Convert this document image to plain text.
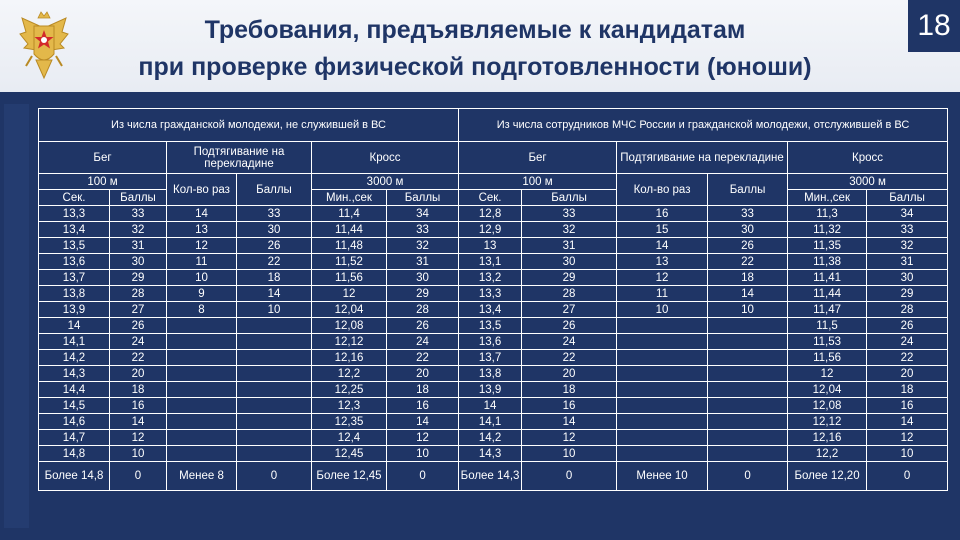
Требования, предъявляемые к кандидатам
при проверке физической подготовленности (юноши)
18
Из числа гражданской молодежи, не служившей в ВС						Из числа сотрудников МЧС России и гражданской молодежи, отслужившей в ВС					
Бег		Подтягивание на перекладине		Кросс		Бег		Подтягивание на перекладине		Кросс	
100 м		Кол-во раз	Баллы	3000 м		100 м		Кол-во раз	Баллы	3000 м	
Сек.	Баллы			Мин.,сек	Баллы	Сек.	Баллы			Мин.,сек	Баллы
13,3	33	14	33	11,4	34	12,8	33	16	33	11,3	34
13,4	32	13	30	11,44	33	12,9	32	15	30	11,32	33
13,5	31	12	26	11,48	32	13	31	14	26	11,35	32
13,6	30	11	22	11,52	31	13,1	30	13	22	11,38	31
13,7	29	10	18	11,56	30	13,2	29	12	18	11,41	30
13,8	28	9	14	12	29	13,3	28	11	14	11,44	29
13,9	27	8	10	12,04	28	13,4	27	10	10	11,47	28
14	26			12,08	26	13,5	26			11,5	26
14,1	24			12,12	24	13,6	24			11,53	24
14,2	22			12,16	22	13,7	22			11,56	22
14,3	20			12,2	20	13,8	20			12	20
14,4	18			12,25	18	13,9	18			12,04	18
14,5	16			12,3	16	14	16			12,08	16
14,6	14			12,35	14	14,1	14			12,12	14
14,7	12			12,4	12	14,2	12			12,16	12
14,8	10			12,45	10	14,3	10			12,2	10
Более 14,8	0	Менее 8	0	Более 12,45	0	Более 14,3	0	Менее 10	0	Более 12,20	0
